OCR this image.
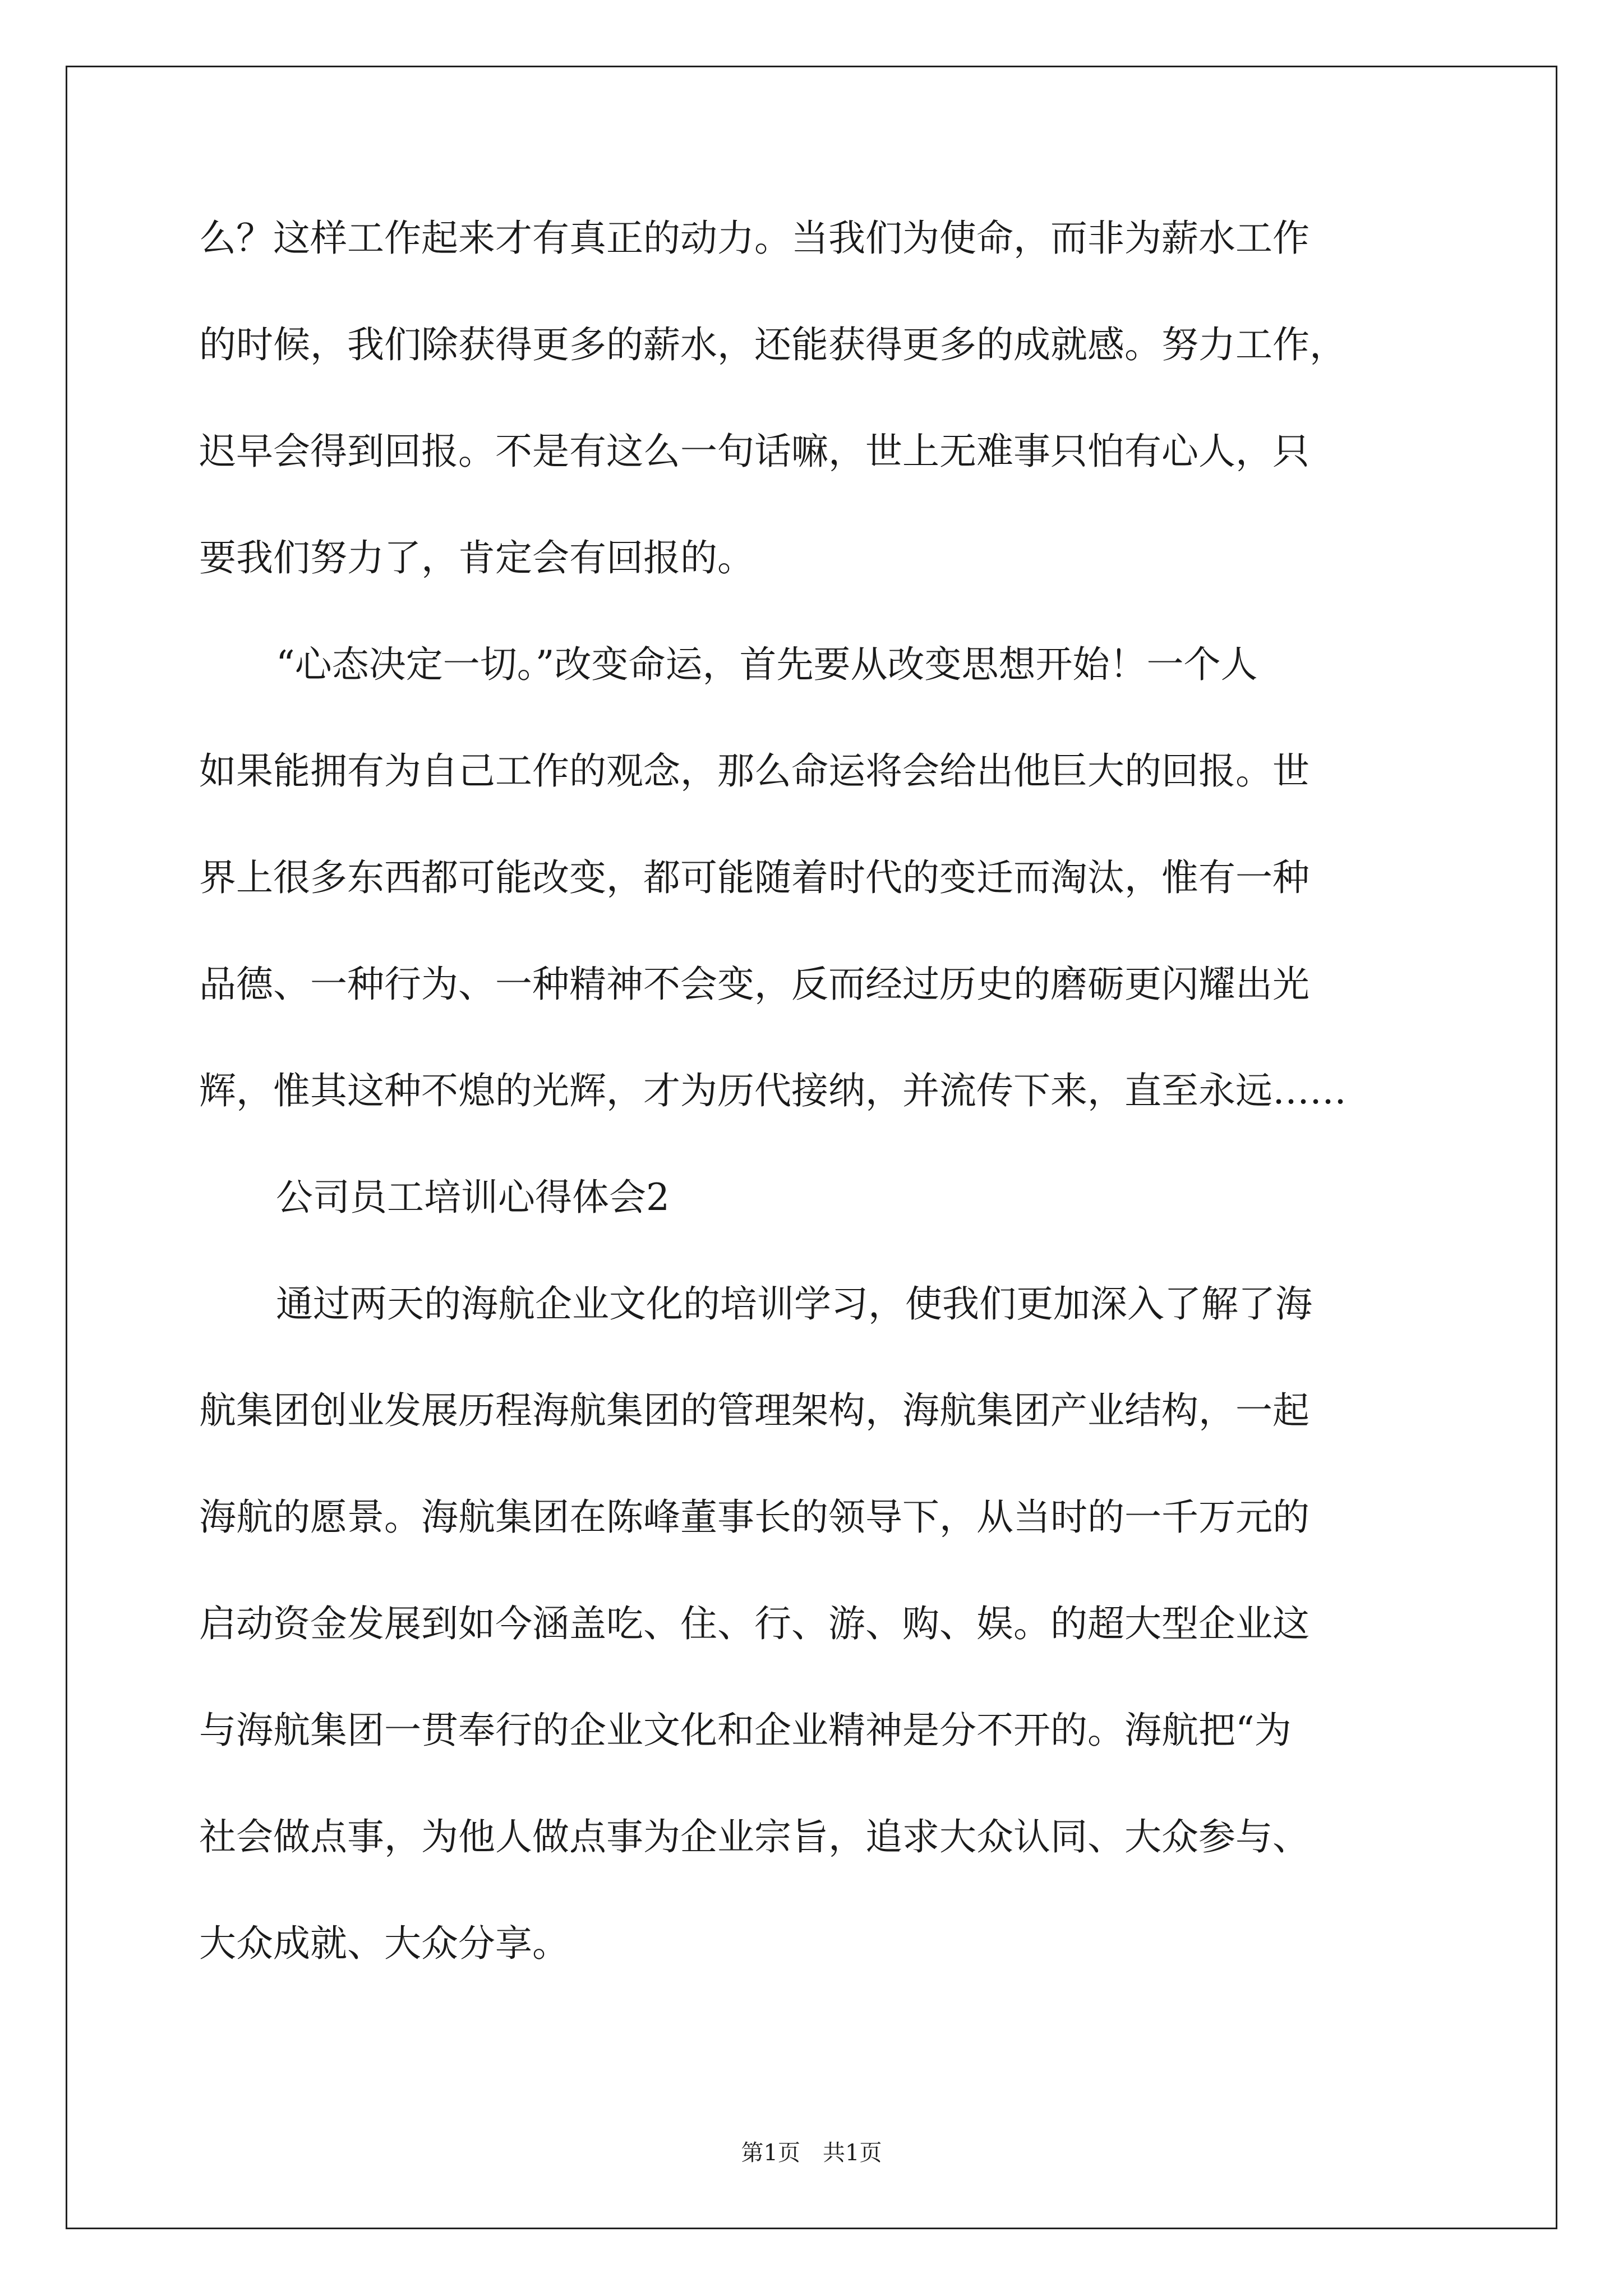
么？这样工作起来才有真正的动力。当我们为使命，而非为薪水工作

的时候，我们除获得更多的薪水，还能获得更多的成就感。努力工作，

迟早会得到回报。不是有这么一句话嘛，世上无难事只怕有心人，只

要我们努力了，肯定会有回报的。

“心态决定一切。”改变命运，首先要从改变思想开始！一个人

如果能拥有为自己工作的观念，那么命运将会给出他巨大的回报。世

界上很多东西都可能改变，都可能随着时代的变迁而淘汰，惟有一种

品德、一种行为、一种精神不会变，反而经过历史的磨砺更闪耀出光

辉，惟其这种不熄的光辉，才为历代接纳，并流传下来，直至永远……

公司员工培训心得体会2

通过两天的海航企业文化的培训学习，使我们更加深入了解了海

航集团创业发展历程海航集团的管理架构，海航集团产业结构，一起

海航的愿景。海航集团在陈峰董事长的领导下，从当时的一千万元的

启动资金发展到如今涵盖吃、住、行、游、购、娱。的超大型企业这

与海航集团一贯奉行的企业文化和企业精神是分不开的。海航把“为

社会做点事，为他人做点事为企业宗旨，追求大众认同、大众参与、

大众成就、大众分享。

第1页　共1页
